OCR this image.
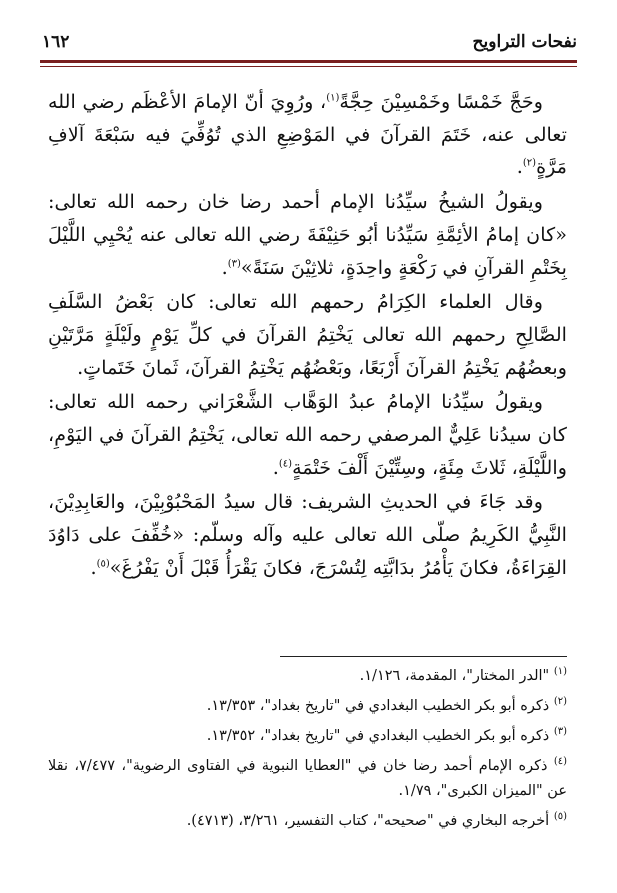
١٦٢	نفحات التراويح

وحَجَّ خَمْسًا وخَمْسِيْنَ حِجَّةً$^{(١)}$، ورُوِيَ أنّ الإمامَ الأعْظَم رضي الله تعالى عنه، خَتَمَ القرآنَ في المَوْضِعِ الذي تُوُفِّيَ فيه سَبْعَةَ آلافِ مَرَّةٍ$^{(٢)}$.

ويقولُ الشيخُ سيِّدُنا الإمام أحمد رضا خان رحمه الله تعالى: «كان إمامُ الأئِمَّةِ سَيِّدُنا أبُو حَنِيْفَةَ رضي الله تعالى عنه يُحْيِي اللَّيْلَ بِخَتْمِ القرآنِ في رَكْعَةٍ واحِدَةٍ، ثلاثِيْنَ سَنَةً»$^{(٣)}$.

وقال العلماء الكِرَامُ رحمهم الله تعالى: كان بَعْضُ السَّلَفِ الصَّالِحِ رحمهم الله تعالى يَخْتِمُ القرآنَ في كلِّ يَوْمٍ ولَيْلَةٍ مَرَّتَيْنِ وبعضُهُم يَخْتِمُ القرآنَ أَرْبَعًا، وبَعْضُهُم يَخْتِمُ القرآنَ، ثَمانَ خَتَماتٍ.

ويقولُ سيِّدُنا الإمامُ عبدُ الوَهَّاب الشَّعْرَاني رحمه الله تعالى: كان سيدُنا عَلِيٌّ المرصفي رحمه الله تعالى، يَخْتِمُ القرآنَ في اليَوْمِ، واللَّيْلَةِ، ثَلاثَ مِئَةٍ، وسِتِّيْنَ أَلْفَ خَتْمَةٍ$^{(٤)}$.

وقد جَاءَ في الحديثِ الشريف: قال سيدُ المَحْبُوْبِيْنَ، والعَابِدِيْنَ، النَّبِيُّ الكَرِيمُ صلّى الله تعالى عليه وآله وسلّم: «خُفِّفَ على دَاوُدَ القِرَاءَةُ، فكانَ يَأْمُرُ بدَابَّتِه لِتُسْرَجَ، فكانَ يَقْرَأُ قَبْلَ أَنْ يَفْرُغَ»$^{(٥)}$.

$^{(١)}$ "الدر المختار"، المقدمة، ١/١٢٦.

$^{(٢)}$ ذكره أبو بكر الخطيب البغدادي في "تاريخ بغداد"، ١٣/٣٥٣.

$^{(٣)}$ ذكره أبو بكر الخطيب البغدادي في "تاريخ بغداد"، ١٣/٣٥٢.

$^{(٤)}$ ذكره الإمام أحمد رضا خان في "العطايا النبوية في الفتاوى الرضوية"، ٧/٤٧٧، نقلا عن "الميزان الكبرى"، ١/٧٩.

$^{(٥)}$ أخرجه البخاري في "صحيحه"، كتاب التفسير، ٣/٢٦١، (٤٧١٣).
